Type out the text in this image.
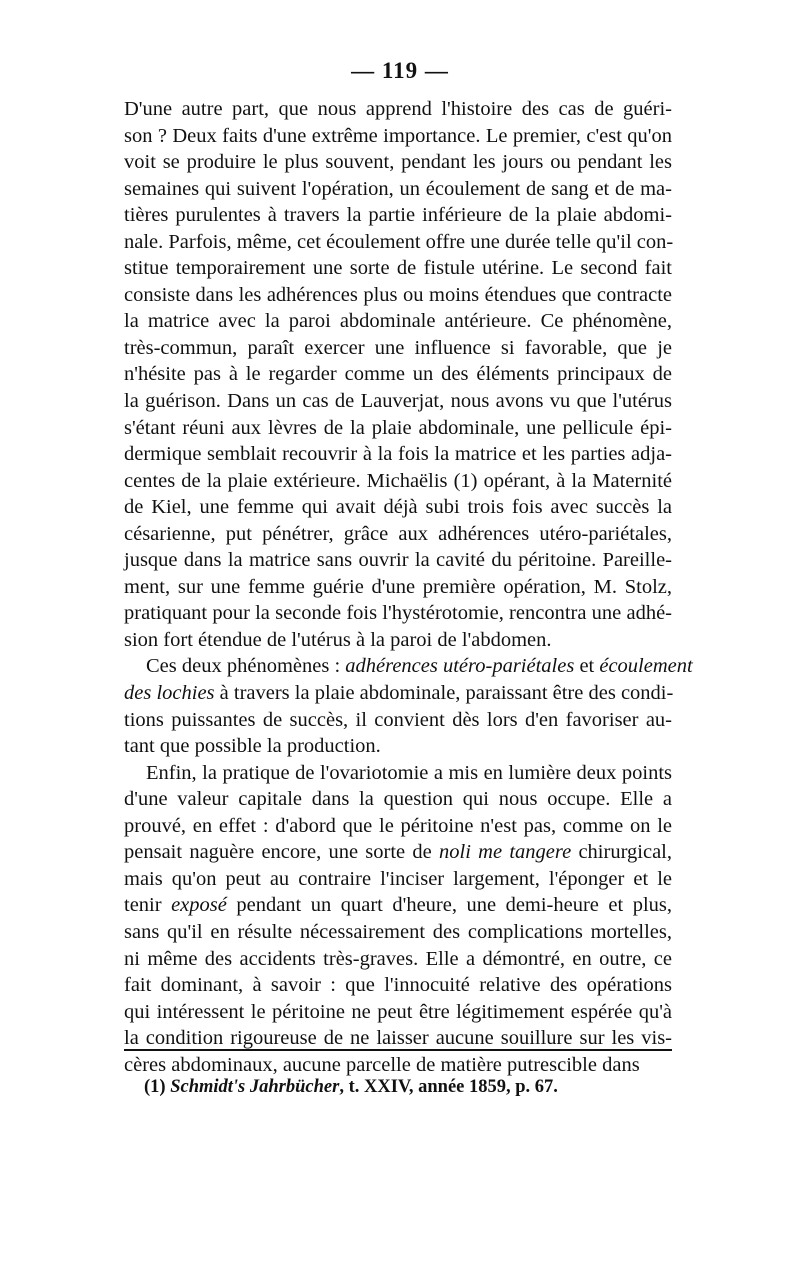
— 119 —
D'une autre part, que nous apprend l'histoire des cas de guéri-
son ? Deux faits d'une extrême importance. Le premier, c'est qu'on
voit se produire le plus souvent, pendant les jours ou pendant les
semaines qui suivent l'opération, un écoulement de sang et de ma-
tières purulentes à travers la partie inférieure de la plaie abdomi-
nale. Parfois, même, cet écoulement offre une durée telle qu'il con-
stitue temporairement une sorte de fistule utérine. Le second fait
consiste dans les adhérences plus ou moins étendues que contracte
la matrice avec la paroi abdominale antérieure. Ce phénomène,
très-commun, paraît exercer une influence si favorable, que je
n'hésite pas à le regarder comme un des éléments principaux de
la guérison. Dans un cas de Lauverjat, nous avons vu que l'utérus
s'étant réuni aux lèvres de la plaie abdominale, une pellicule épi-
dermique semblait recouvrir à la fois la matrice et les parties adja-
centes de la plaie extérieure. Michaëlis (1) opérant, à la Maternité
de Kiel, une femme qui avait déjà subi trois fois avec succès la
césarienne, put pénétrer, grâce aux adhérences utéro-pariétales,
jusque dans la matrice sans ouvrir la cavité du péritoine. Pareille-
ment, sur une femme guérie d'une première opération, M. Stolz,
pratiquant pour la seconde fois l'hystérotomie, rencontra une adhé-
sion fort étendue de l'utérus à la paroi de l'abdomen.
Ces deux phénomènes : adhérences utéro-pariétales et écoulement
des lochies à travers la plaie abdominale, paraissant être des condi-
tions puissantes de succès, il convient dès lors d'en favoriser au-
tant que possible la production.
Enfin, la pratique de l'ovariotomie a mis en lumière deux points
d'une valeur capitale dans la question qui nous occupe. Elle a
prouvé, en effet : d'abord que le péritoine n'est pas, comme on le
pensait naguère encore, une sorte de noli me tangere chirurgical,
mais qu'on peut au contraire l'inciser largement, l'éponger et le
tenir exposé pendant un quart d'heure, une demi-heure et plus,
sans qu'il en résulte nécessairement des complications mortelles,
ni même des accidents très-graves. Elle a démontré, en outre, ce
fait dominant, à savoir : que l'innocuité relative des opérations
qui intéressent le péritoine ne peut être légitimement espérée qu'à
la condition rigoureuse de ne laisser aucune souillure sur les vis-
cères abdominaux, aucune parcelle de matière putrescible dans
(1) Schmidt's Jahrbücher, t. XXIV, année 1859, p. 67.
